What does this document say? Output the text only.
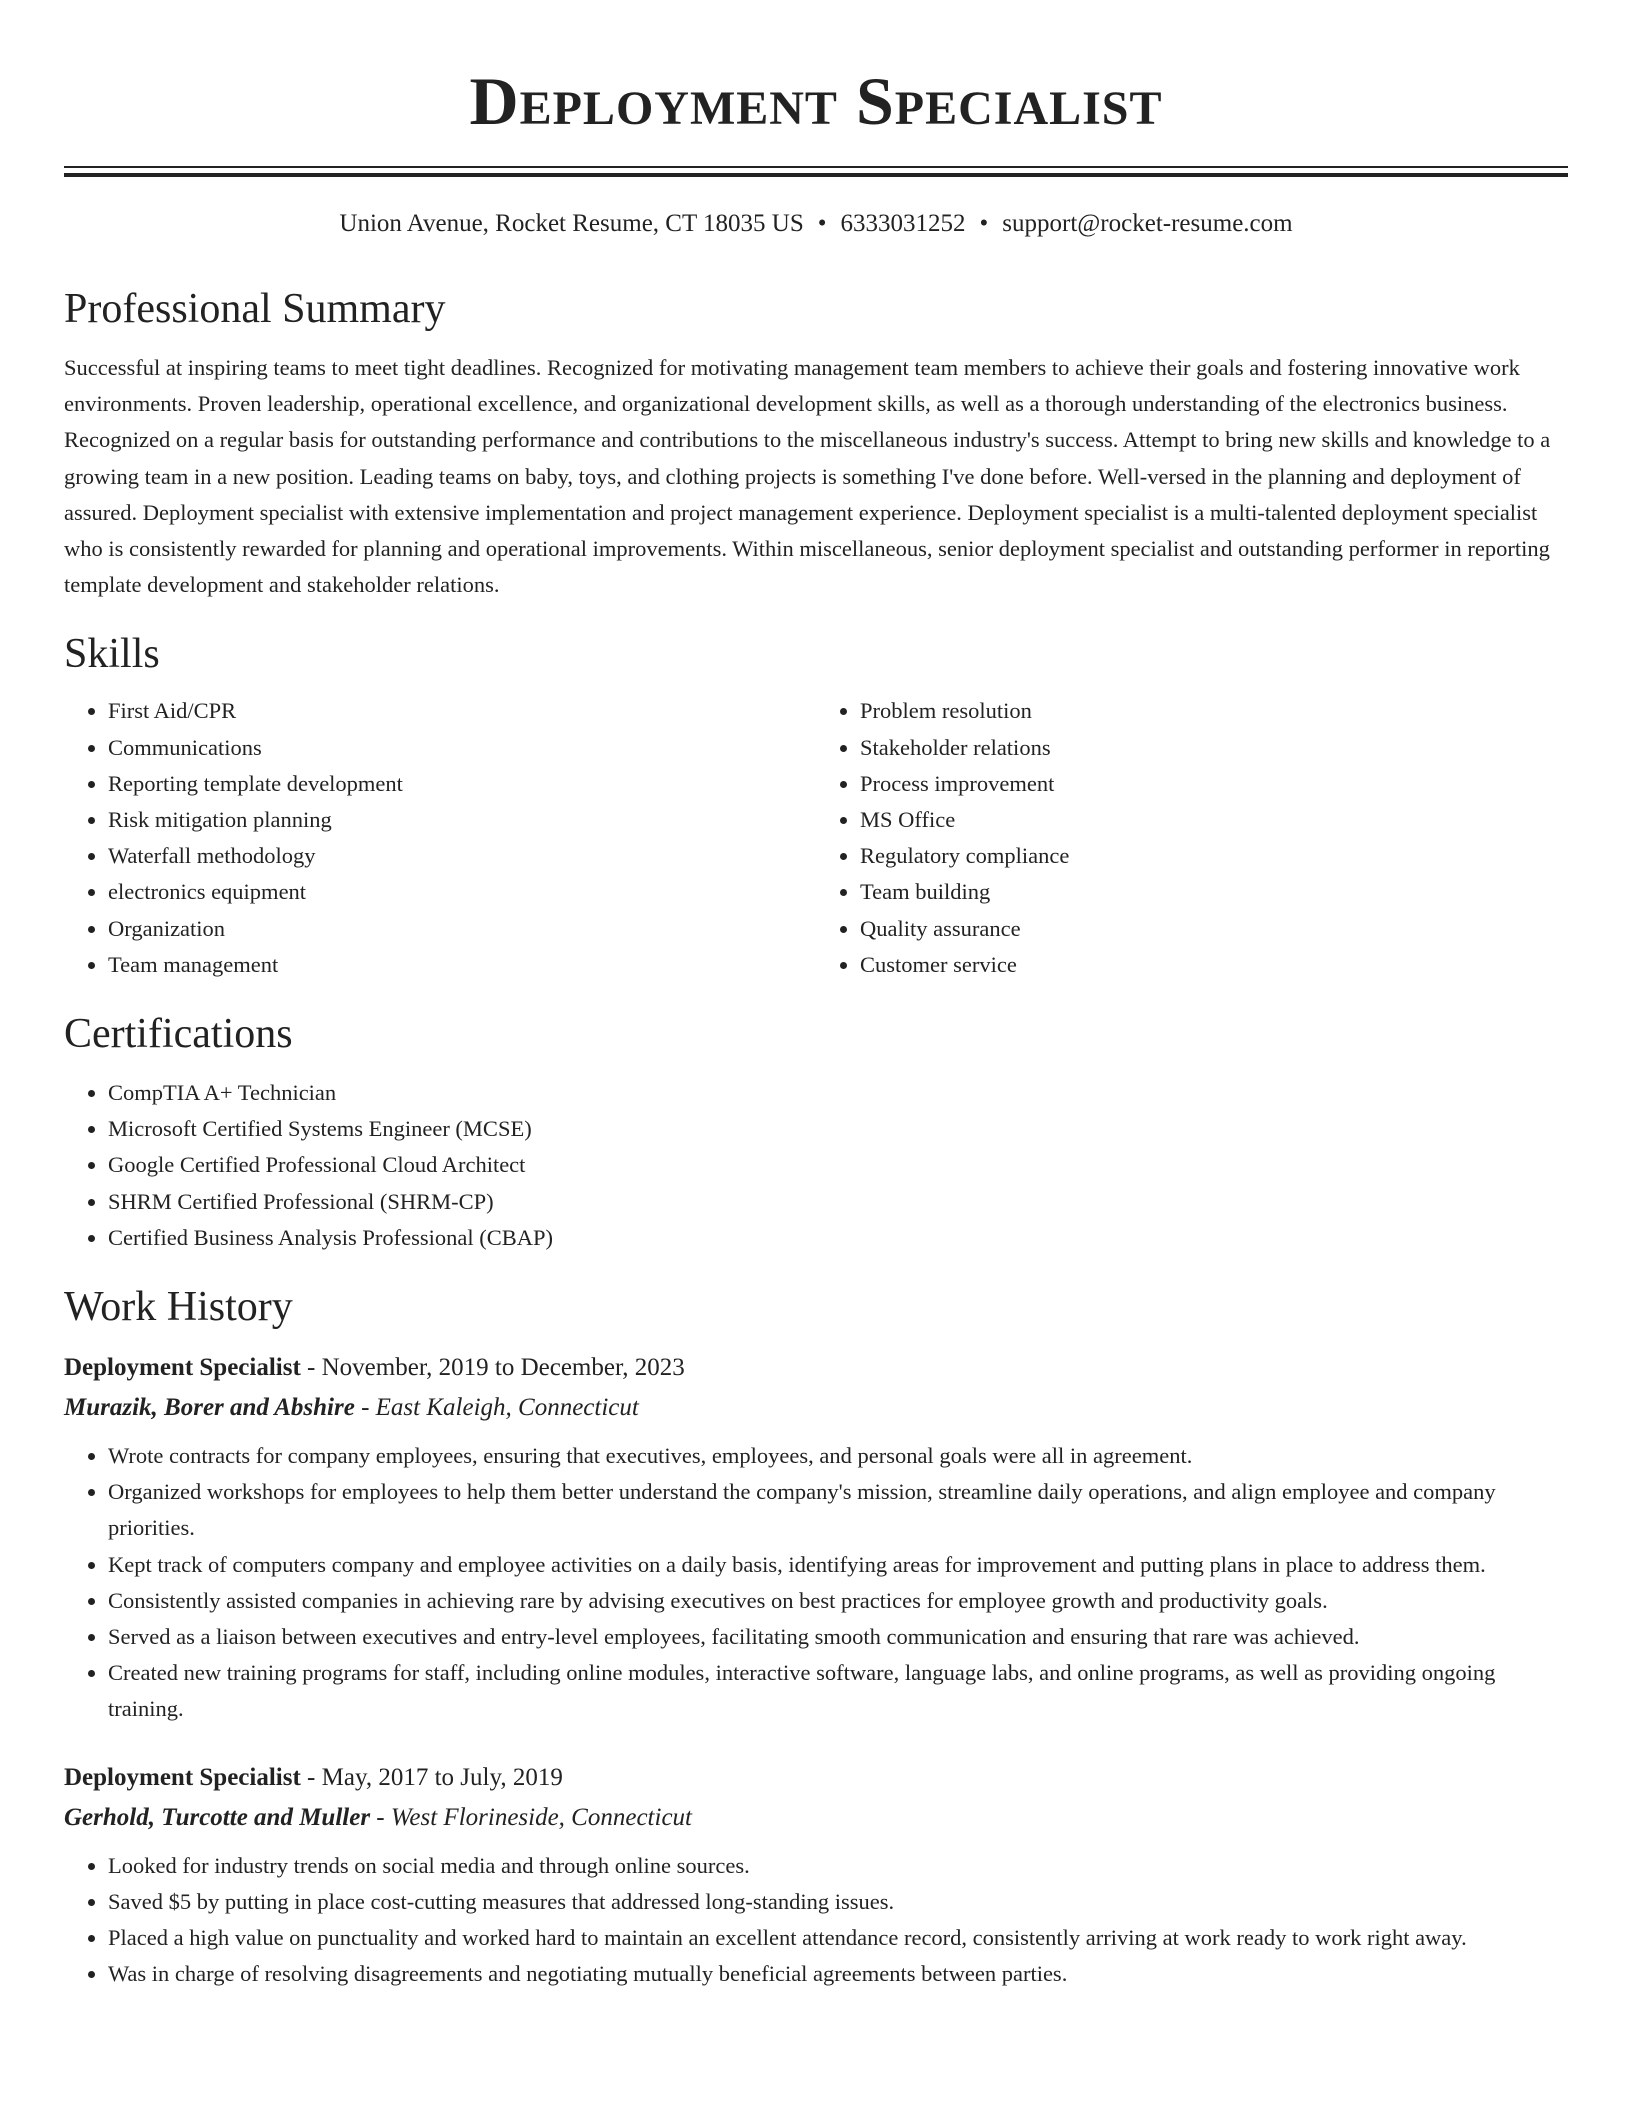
Deployment Specialist
Union Avenue, Rocket Resume, CT 18035 US • 6333031252 • support@rocket-resume.com
Professional Summary

Successful at inspiring teams to meet tight deadlines. Recognized for motivating management team members to achieve their goals and fostering innovative work environments. Proven leadership, operational excellence, and organizational development skills, as well as a thorough understanding of the electronics business. Recognized on a regular basis for outstanding performance and contributions to the miscellaneous industry's success. Attempt to bring new skills and knowledge to a growing team in a new position. Leading teams on baby, toys, and clothing projects is something I've done before. Well-versed in the planning and deployment of assured. Deployment specialist with extensive implementation and project management experience. Deployment specialist is a multi-talented deployment specialist who is consistently rewarded for planning and operational improvements. Within miscellaneous, senior deployment specialist and outstanding performer in reporting template development and stakeholder relations.

Skills
• First Aid/CPR
• Communications
• Reporting template development
• Risk mitigation planning
• Waterfall methodology
• electronics equipment
• Organization
• Team management
• Problem resolution
• Stakeholder relations
• Process improvement
• MS Office
• Regulatory compliance
• Team building
• Quality assurance
• Customer service
Certifications
• CompTIA A+ Technician
• Microsoft Certified Systems Engineer (MCSE)
• Google Certified Professional Cloud Architect
• SHRM Certified Professional (SHRM-CP)
• Certified Business Analysis Professional (CBAP)
Work History
Deployment Specialist - November, 2019 to December, 2023
Murazik, Borer and Abshire - East Kaleigh, Connecticut
• Wrote contracts for company employees, ensuring that executives, employees, and personal goals were all in agreement.
• Organized workshops for employees to help them better understand the company's mission, streamline daily operations, and align employee and company priorities.
• Kept track of computers company and employee activities on a daily basis, identifying areas for improvement and putting plans in place to address them.
• Consistently assisted companies in achieving rare by advising executives on best practices for employee growth and productivity goals.
• Served as a liaison between executives and entry-level employees, facilitating smooth communication and ensuring that rare was achieved.
• Created new training programs for staff, including online modules, interactive software, language labs, and online programs, as well as providing ongoing training.
Deployment Specialist - May, 2017 to July, 2019
Gerhold, Turcotte and Muller - West Florineside, Connecticut
• Looked for industry trends on social media and through online sources.
• Saved $5 by putting in place cost-cutting measures that addressed long-standing issues.
• Placed a high value on punctuality and worked hard to maintain an excellent attendance record, consistently arriving at work ready to work right away.
• Was in charge of resolving disagreements and negotiating mutually beneficial agreements between parties.
